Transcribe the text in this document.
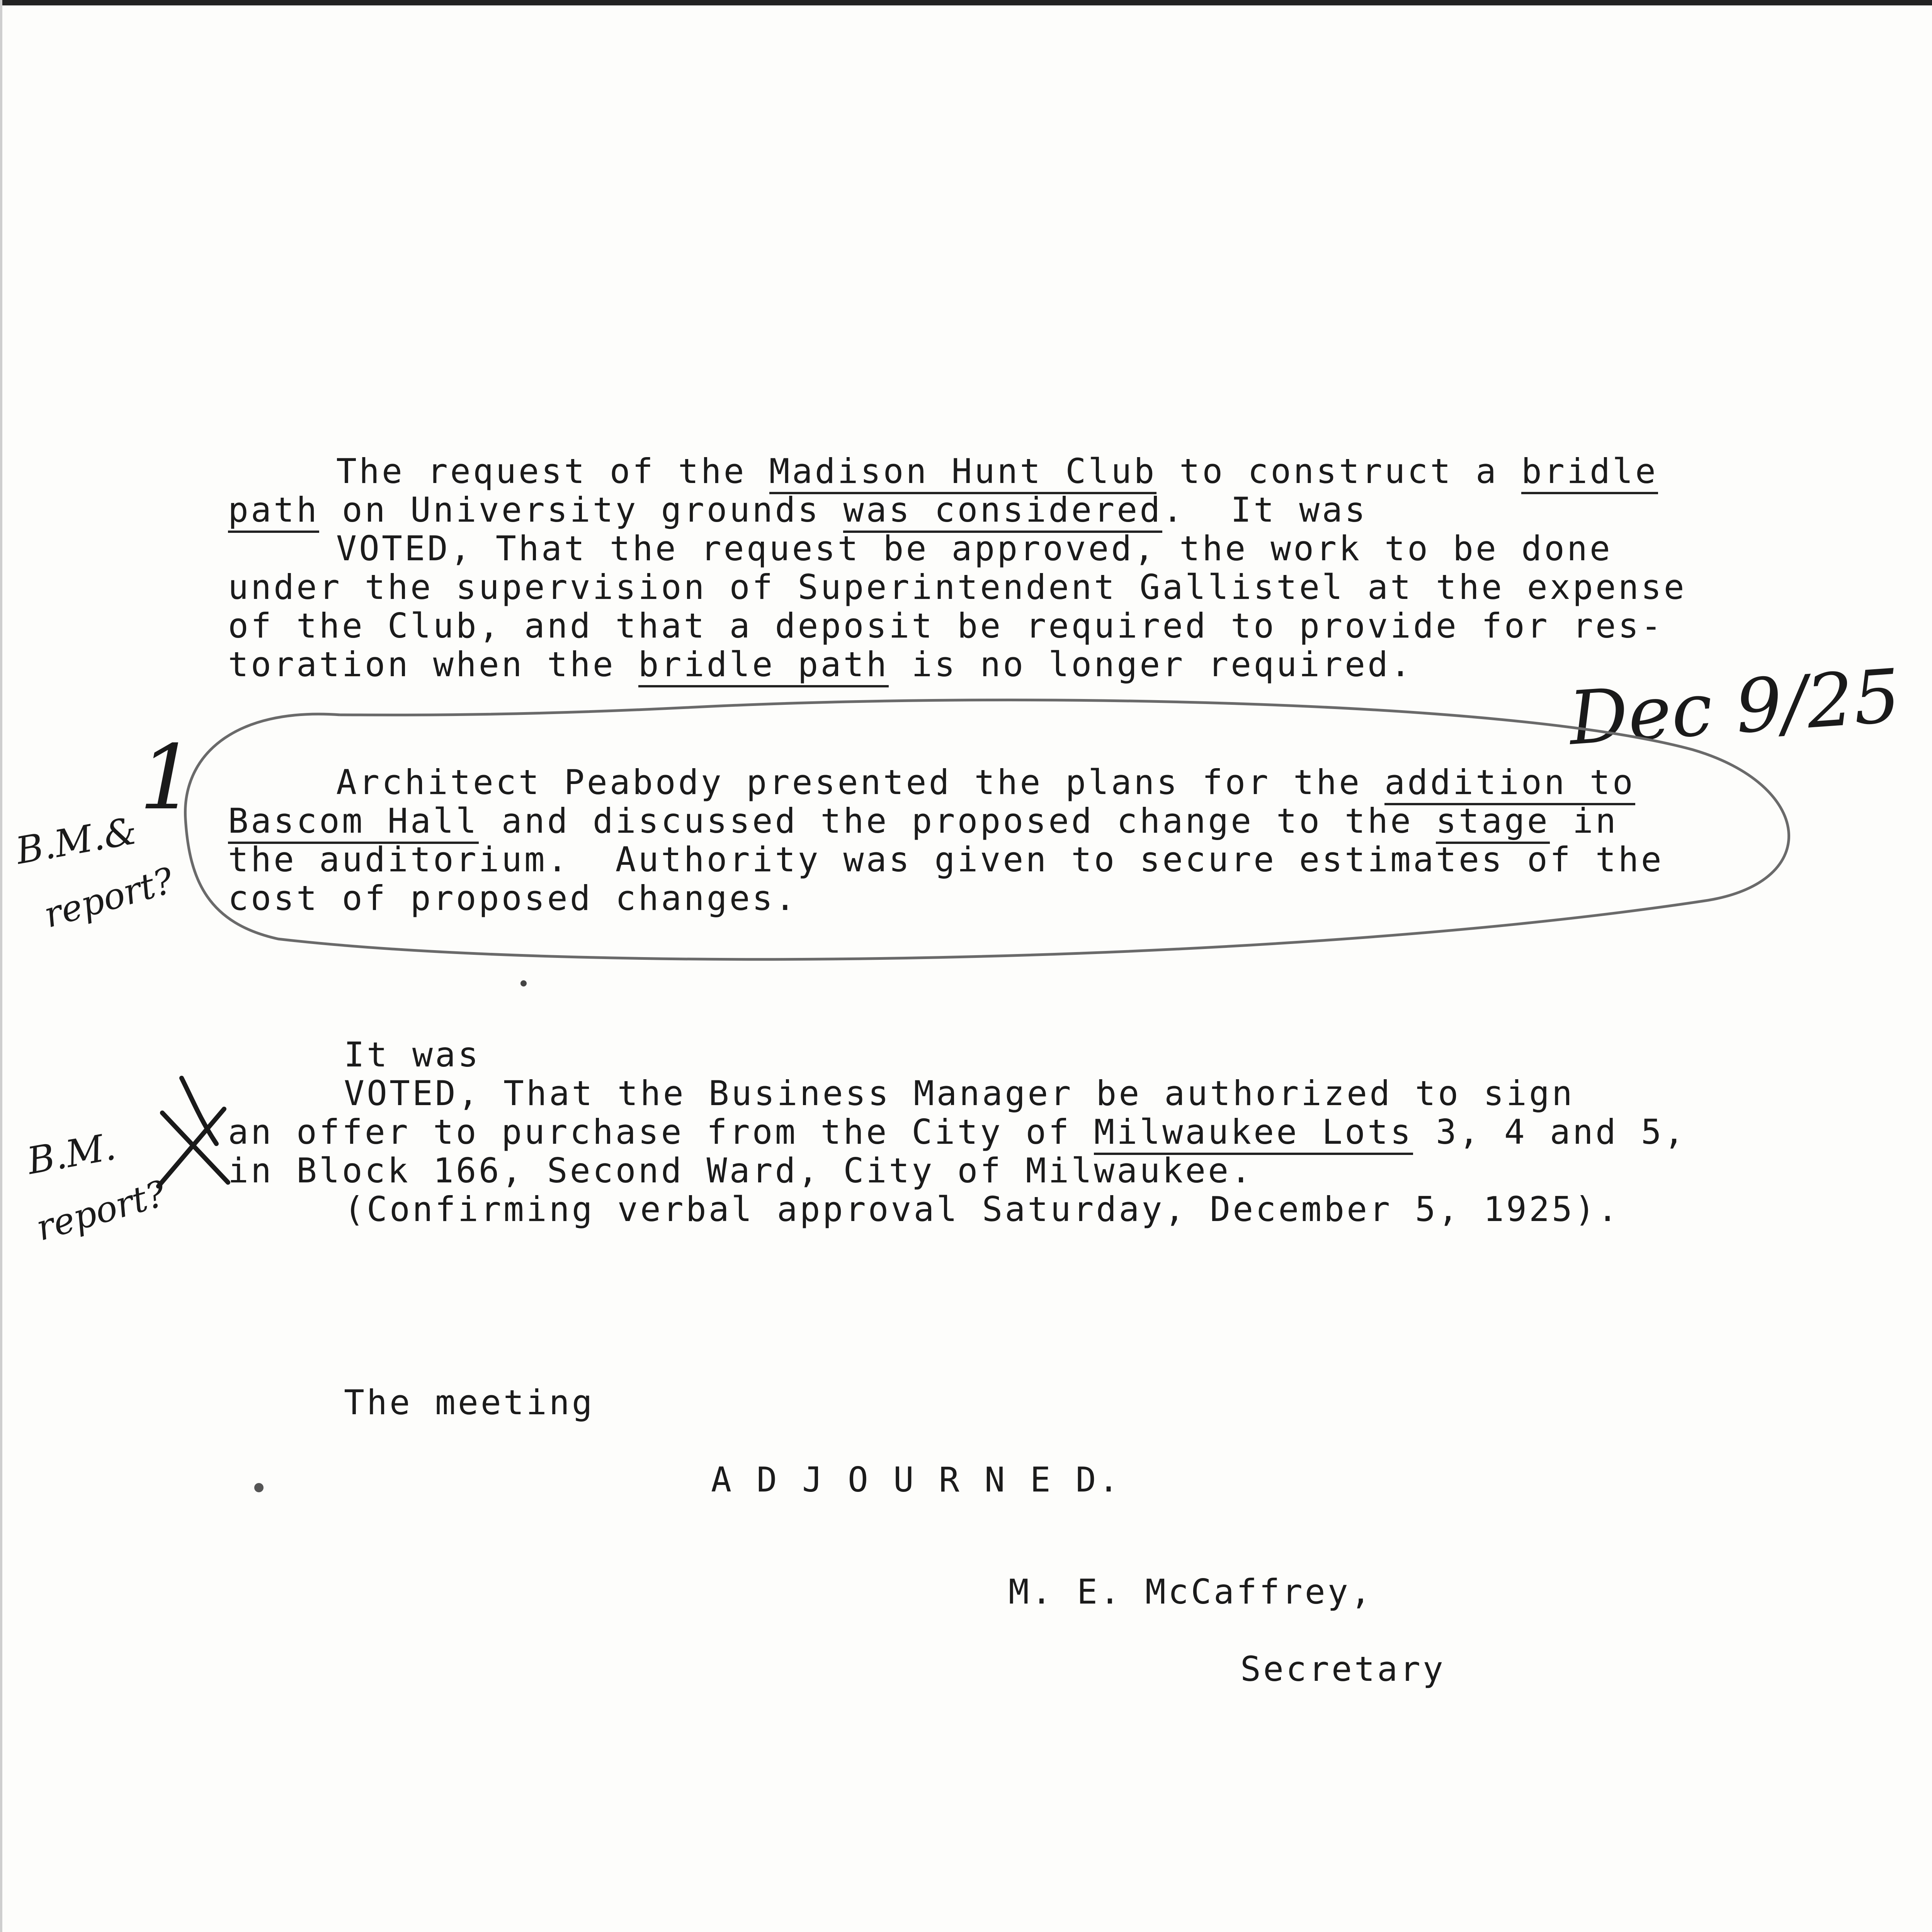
The request of the Madison Hunt Club to construct a bridle
path on University grounds was considered.  It was
VOTED, That the request be approved, the work to be done
under the supervision of Superintendent Gallistel at the expense
of the Club, and that a deposit be required to provide for res-
toration when the bridle path is no longer required.
Architect Peabody presented the plans for the addition to
Bascom Hall and discussed the proposed change to the stage in
the auditorium.  Authority was given to secure estimates of the
cost of proposed changes.
It was
VOTED, That the Business Manager be authorized to sign
an offer to purchase from the City of Milwaukee Lots 3, 4 and 5,
in Block 166, Second Ward, City of Milwaukee.
(Confirming verbal approval Saturday, December 5, 1925).
The meeting
A D J O U R N E D.
M. E. McCaffrey,
Secretary
Dec 9/25
1
B.M.&
report?
B.M.
report?
